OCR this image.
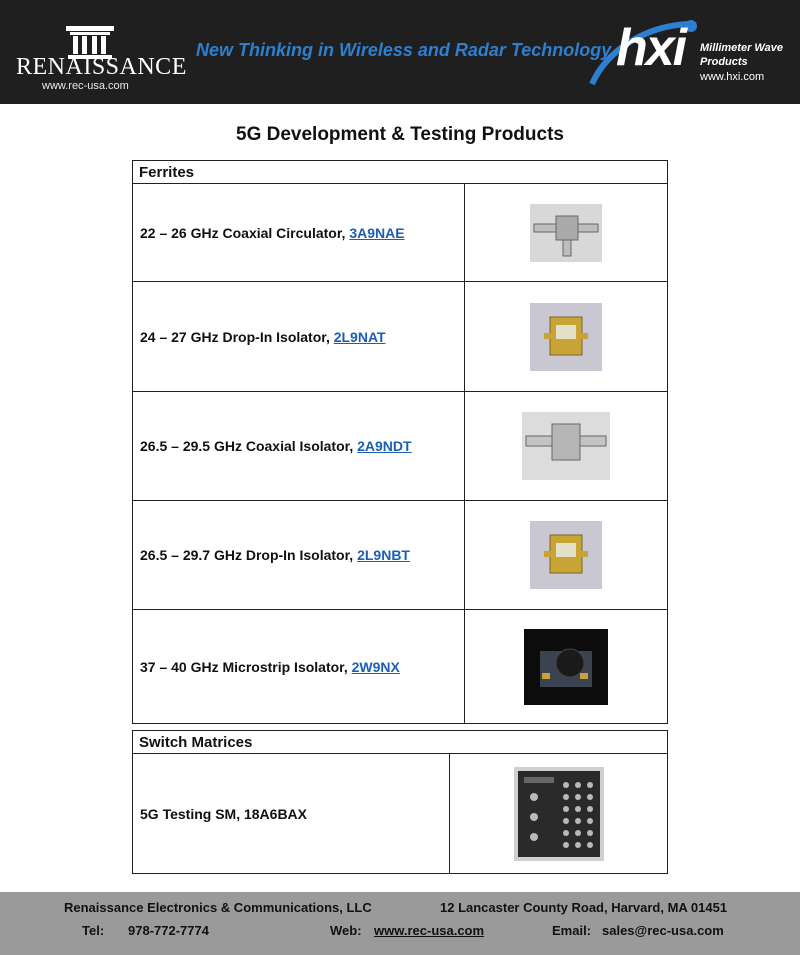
RENAISSANCE
www.rec-usa.com
New Thinking in Wireless and Radar Technology hxi Millimeter Wave
Products
www.hxi.com
5G Development & Testing Products
Ferrites	
22 – 26 GHz Coaxial Circulator, 3A9NAE	
24 – 27 GHz Drop-In Isolator, 2L9NAT	
26.5 – 29.5 GHz Coaxial Isolator, 2A9NDT	
26.5 – 29.7 GHz Drop-In Isolator, 2L9NBT	
37 – 40 GHz Microstrip Isolator, 2W9NX	
Switch Matrices
5G Testing SM, 18A6BAX	
Renaissance Electronics & Communications, LLC	12 Lancaster County Road, Harvard, MA 01451
Tel: 978-772-7774	Web: www.rec-usa.com	Email: sales@rec-usa.com
